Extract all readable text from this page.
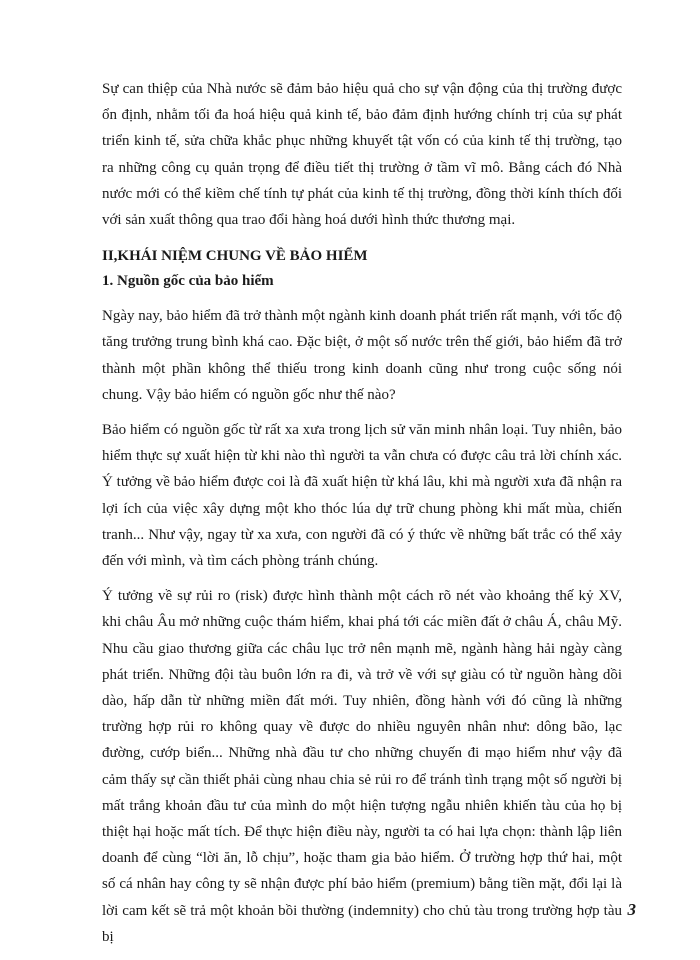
Sự can thiệp của Nhà nước sẽ đảm bảo hiệu quả cho sự vận động của thị trường được ổn định, nhằm tối đa hoá hiệu quả kinh tế, bảo đảm định hướng chính trị của sự phát triển kinh tế, sửa chữa khắc phục những khuyết tật vốn có của kinh tế thị trường, tạo ra những công cụ quản trọng để điều tiết thị trường ở tầm vĩ mô. Bằng cách đó Nhà nước mới có thể kiềm chế tính tự phát của kinh tế thị trường, đồng thời kính thích đối với sản xuất thông qua trao đổi hàng hoá dưới hình thức thương mại.

II,KHÁI NIỆM CHUNG VỀ BẢO HIỂM
1. Nguồn gốc của bảo hiểm

Ngày nay, bảo hiểm đã trở thành một ngành kinh doanh phát triển rất mạnh, với tốc độ tăng trưởng trung bình khá cao. Đặc biệt, ở một số nước trên thế giới, bảo hiểm đã trở thành một phần không thể thiếu trong kinh doanh cũng như trong cuộc sống nói chung. Vậy bảo hiểm có nguồn gốc như thế nào?

Bảo hiểm có nguồn gốc từ rất xa xưa trong lịch sử văn minh nhân loại. Tuy nhiên, bảo hiểm thực sự xuất hiện từ khi nào thì người ta vẫn chưa có được câu trả lời chính xác. Ý tưởng về bảo hiểm được coi là đã xuất hiện từ khá lâu, khi mà người xưa đã nhận ra lợi ích của việc xây dựng một kho thóc lúa dự trữ chung phòng khi mất mùa, chiến tranh... Như vậy, ngay từ xa xưa, con người đã có ý thức về những bất trắc có thể xảy đến với mình, và tìm cách phòng tránh chúng.

Ý tưởng về sự rủi ro (risk) được hình thành một cách rõ nét vào khoảng thế kỷ XV, khi châu Âu mở những cuộc thám hiểm, khai phá tới các miền đất ở châu Á, châu Mỹ. Nhu cầu giao thương giữa các châu lục trở nên mạnh mẽ, ngành hàng hải ngày càng phát triển. Những đội tàu buôn lớn ra đi, và trở về với sự giàu có từ nguồn hàng dồi dào, hấp dẫn từ những miền đất mới. Tuy nhiên, đồng hành với đó cũng là những trường hợp rủi ro không quay về được do nhiều nguyên nhân như: dông bão, lạc đường, cướp biển... Những nhà đầu tư cho những chuyến đi mạo hiểm như vậy đã cảm thấy sự cần thiết phải cùng nhau chia sẻ rủi ro để tránh tình trạng một số người bị mất trắng khoản đầu tư của mình do một hiện tượng ngẫu nhiên khiến tàu của họ bị thiệt hại hoặc mất tích. Để thực hiện điều này, người ta có hai lựa chọn: thành lập liên doanh để cùng “lời ăn, lỗ chịu”, hoặc tham gia bảo hiểm. Ở trường hợp thứ hai, một số cá nhân hay công ty sẽ nhận được phí bảo hiểm (premium) bằng tiền mặt, đổi lại là lời cam kết sẽ trả một khoản bồi thường (indemnity) cho chủ tàu trong trường hợp tàu bị

3
